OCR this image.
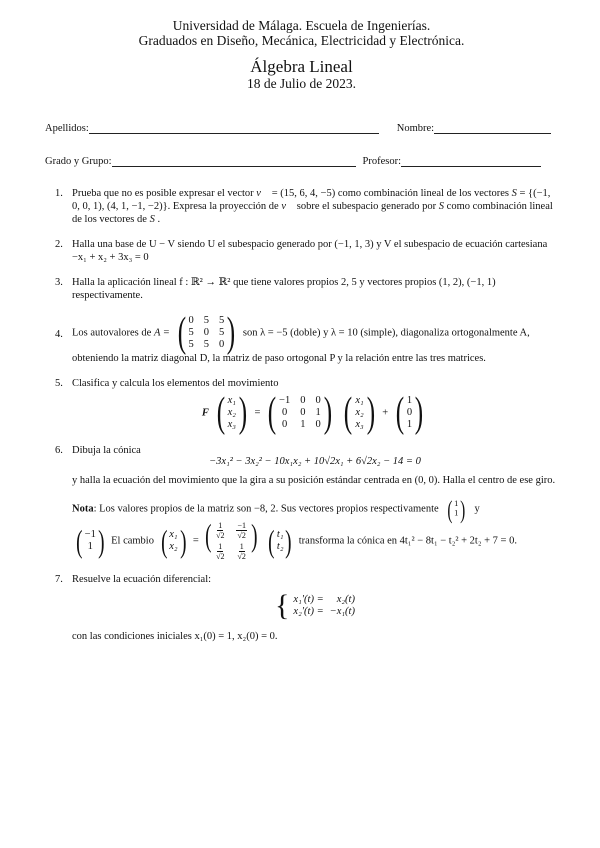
Universidad de Málaga. Escuela de Ingenierías.
Graduados en Diseño, Mecánica, Electricidad y Electrónica.
Álgebra Lineal
18 de Julio de 2023.
Apellidos:	Nombre:
Grado y Grupo:	Profesor:
1. Prueba que no es posible expresar el vector v⃗ = (15, 6, 4, −5) como combinación lineal de los vectores S = {(−1, 0, 0, 1), (4, 1, −1, −2)}. Expresa la proyección de v⃗ sobre el subespacio generado por S como combinación lineal de los vectores de S .
2. Halla una base de U − V siendo U el subespacio generado por (−1, 1, 3) y V el subespacio de ecuación cartesiana −x₁ + x₂ + 3x₃ = 0
3. Halla la aplicación lineal f : ℝ² → ℝ² que tiene valores propios 2, 5 y vectores propios (1, 2), (−1, 1) respectivamente.
4. Los autovalores de A = ( 0 5 5
5 0 5
5 5 0 ) son λ = −5 (doble) y λ = 10 (simple), diagonaliza ortogonalmente A, obteniendo la matriz diagonal D, la matriz de paso ortogonal P y la relación entre las tres matrices.
5. Clasifica y calcula los elementos del movimiento
F ( x₁
x₂
x₃ ) = ( −1 0 0
0 0 1
0 1 0 )
( x₁
x₂
x₃ ) + ( 1
0
1 )
6. Dibuja la cónica
−3x₁² − 3x₂² − 10x₁x₂ + 10√2x₁ + 6√2x₂ − 14 = 0
y halla la ecuación del movimiento que la gira a su posición estándar centrada en (0, 0). Halla el centro de ese giro.
Nota: Los valores propios de la matriz son −8, 2. Sus vectores propios respectivamente ( 1
1 ) y
( −1
1 ) El cambio ( x₁
x₂ ) = ( $\frac{1}{√2} \frac{-1}{√2}$
$\frac{1}{√2} \frac{1}{√2}$ )
( t₁
t₂ ) transforma la cónica en 4t₁² − 8t₁ − t₂² + 2t₂ + 7 = 0.
7. Resuelve la ecuación diferencial:
{ x₁′(t) =	x₂(t)
x₂′(t) = −x₁(t)
con las condiciones iniciales x₁(0) = 1, x₂(0) = 0.
